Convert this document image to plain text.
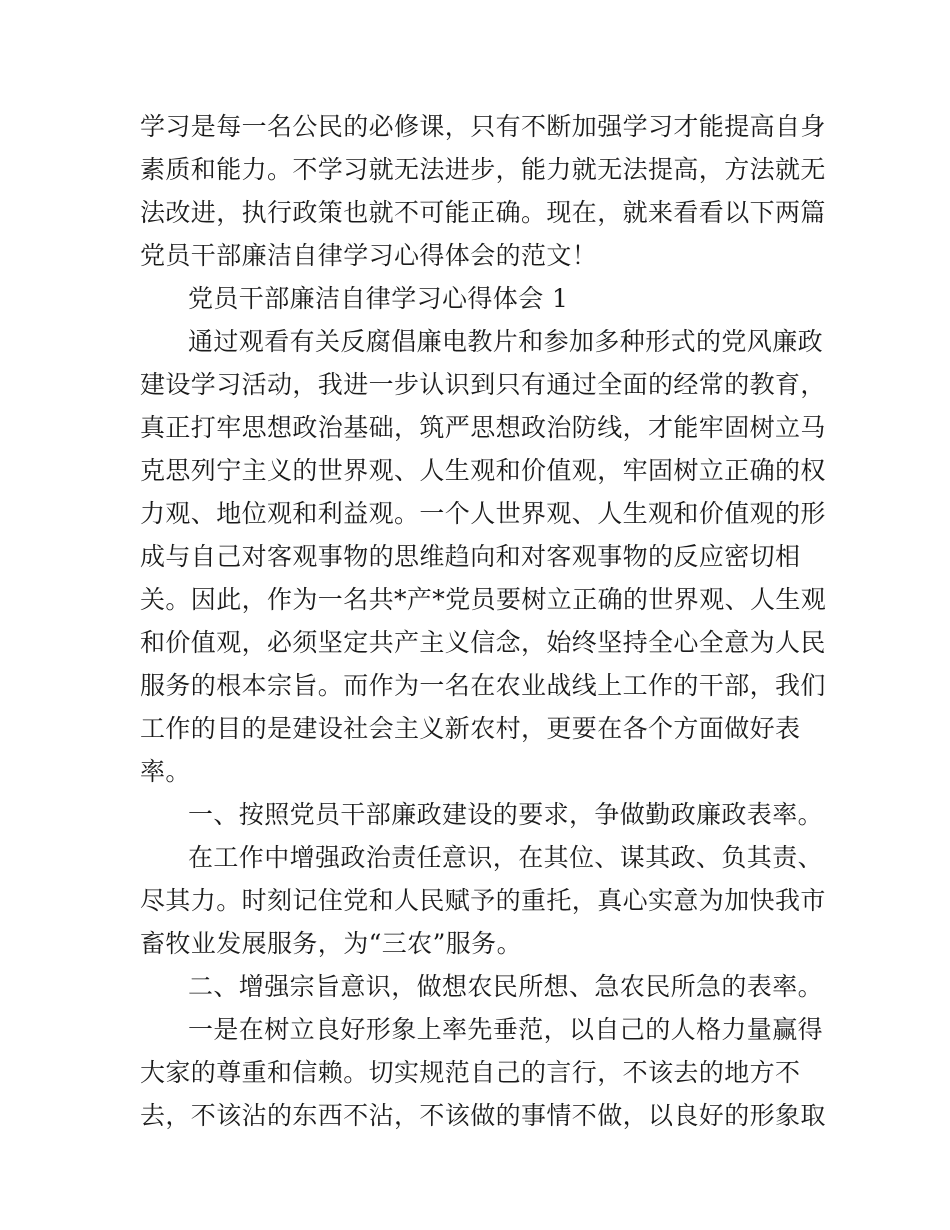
学习是每一名公民的必修课，只有不断加强学习才能提高自身
素质和能力。不学习就无法进步，能力就无法提高，方法就无
法改进，执行政策也就不可能正确。现在，就来看看以下两篇
党员干部廉洁自律学习心得体会的范文！
党员干部廉洁自律学习心得体会 1
通过观看有关反腐倡廉电教片和参加多种形式的党风廉政
建设学习活动，我进一步认识到只有通过全面的经常的教育，
真正打牢思想政治基础，筑严思想政治防线，才能牢固树立马
克思列宁主义的世界观、人生观和价值观，牢固树立正确的权
力观、地位观和利益观。一个人世界观、人生观和价值观的形
成与自己对客观事物的思维趋向和对客观事物的反应密切相
关。因此，作为一名共*产*党员要树立正确的世界观、人生观
和价值观，必须坚定共产主义信念，始终坚持全心全意为人民
服务的根本宗旨。而作为一名在农业战线上工作的干部，我们
工作的目的是建设社会主义新农村，更要在各个方面做好表
率。
一、按照党员干部廉政建设的要求，争做勤政廉政表率。
在工作中增强政治责任意识，在其位、谋其政、负其责、
尽其力。时刻记住党和人民赋予的重托，真心实意为加快我市
畜牧业发展服务，为“三农”服务。
二、增强宗旨意识，做想农民所想、急农民所急的表率。
一是在树立良好形象上率先垂范，以自己的人格力量赢得
大家的尊重和信赖。切实规范自己的言行，不该去的地方不
去，不该沾的东西不沾，不该做的事情不做，以良好的形象取
